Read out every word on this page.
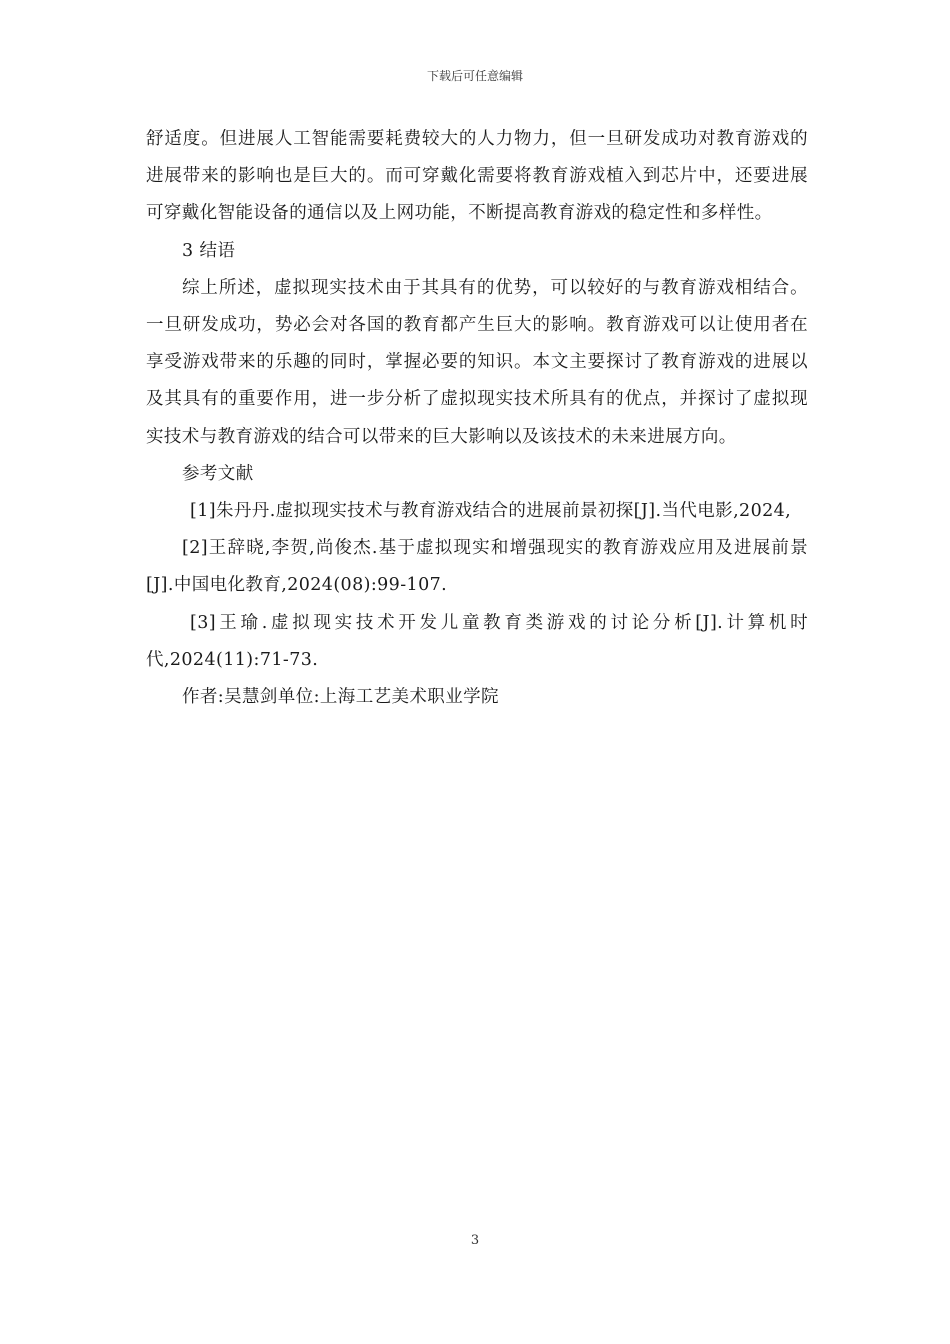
下载后可任意编辑

舒适度。但进展人工智能需要耗费较大的人力物力，但一旦研发成功对教育游戏的进展带来的影响也是巨大的。而可穿戴化需要将教育游戏植入到芯片中，还要进展可穿戴化智能设备的通信以及上网功能，不断提高教育游戏的稳定性和多样性。

3 结语

综上所述，虚拟现实技术由于其具有的优势，可以较好的与教育游戏相结合。一旦研发成功，势必会对各国的教育都产生巨大的影响。教育游戏可以让使用者在享受游戏带来的乐趣的同时，掌握必要的知识。本文主要探讨了教育游戏的进展以及其具有的重要作用，进一步分析了虚拟现实技术所具有的优点，并探讨了虚拟现实技术与教育游戏的结合可以带来的巨大影响以及该技术的未来进展方向。

参考文献

[1]朱丹丹.虚拟现实技术与教育游戏结合的进展前景初探[J].当代电影,2024,

[2]王辞晓,李贺,尚俊杰.基于虚拟现实和增强现实的教育游戏应用及进展前景[J].中国电化教育,2024(08):99-107.

[3]王瑜.虚拟现实技术开发儿童教育类游戏的讨论分析[J].计算机时代,2024(11):71-73.

作者:吴慧剑单位:上海工艺美术职业学院

3
